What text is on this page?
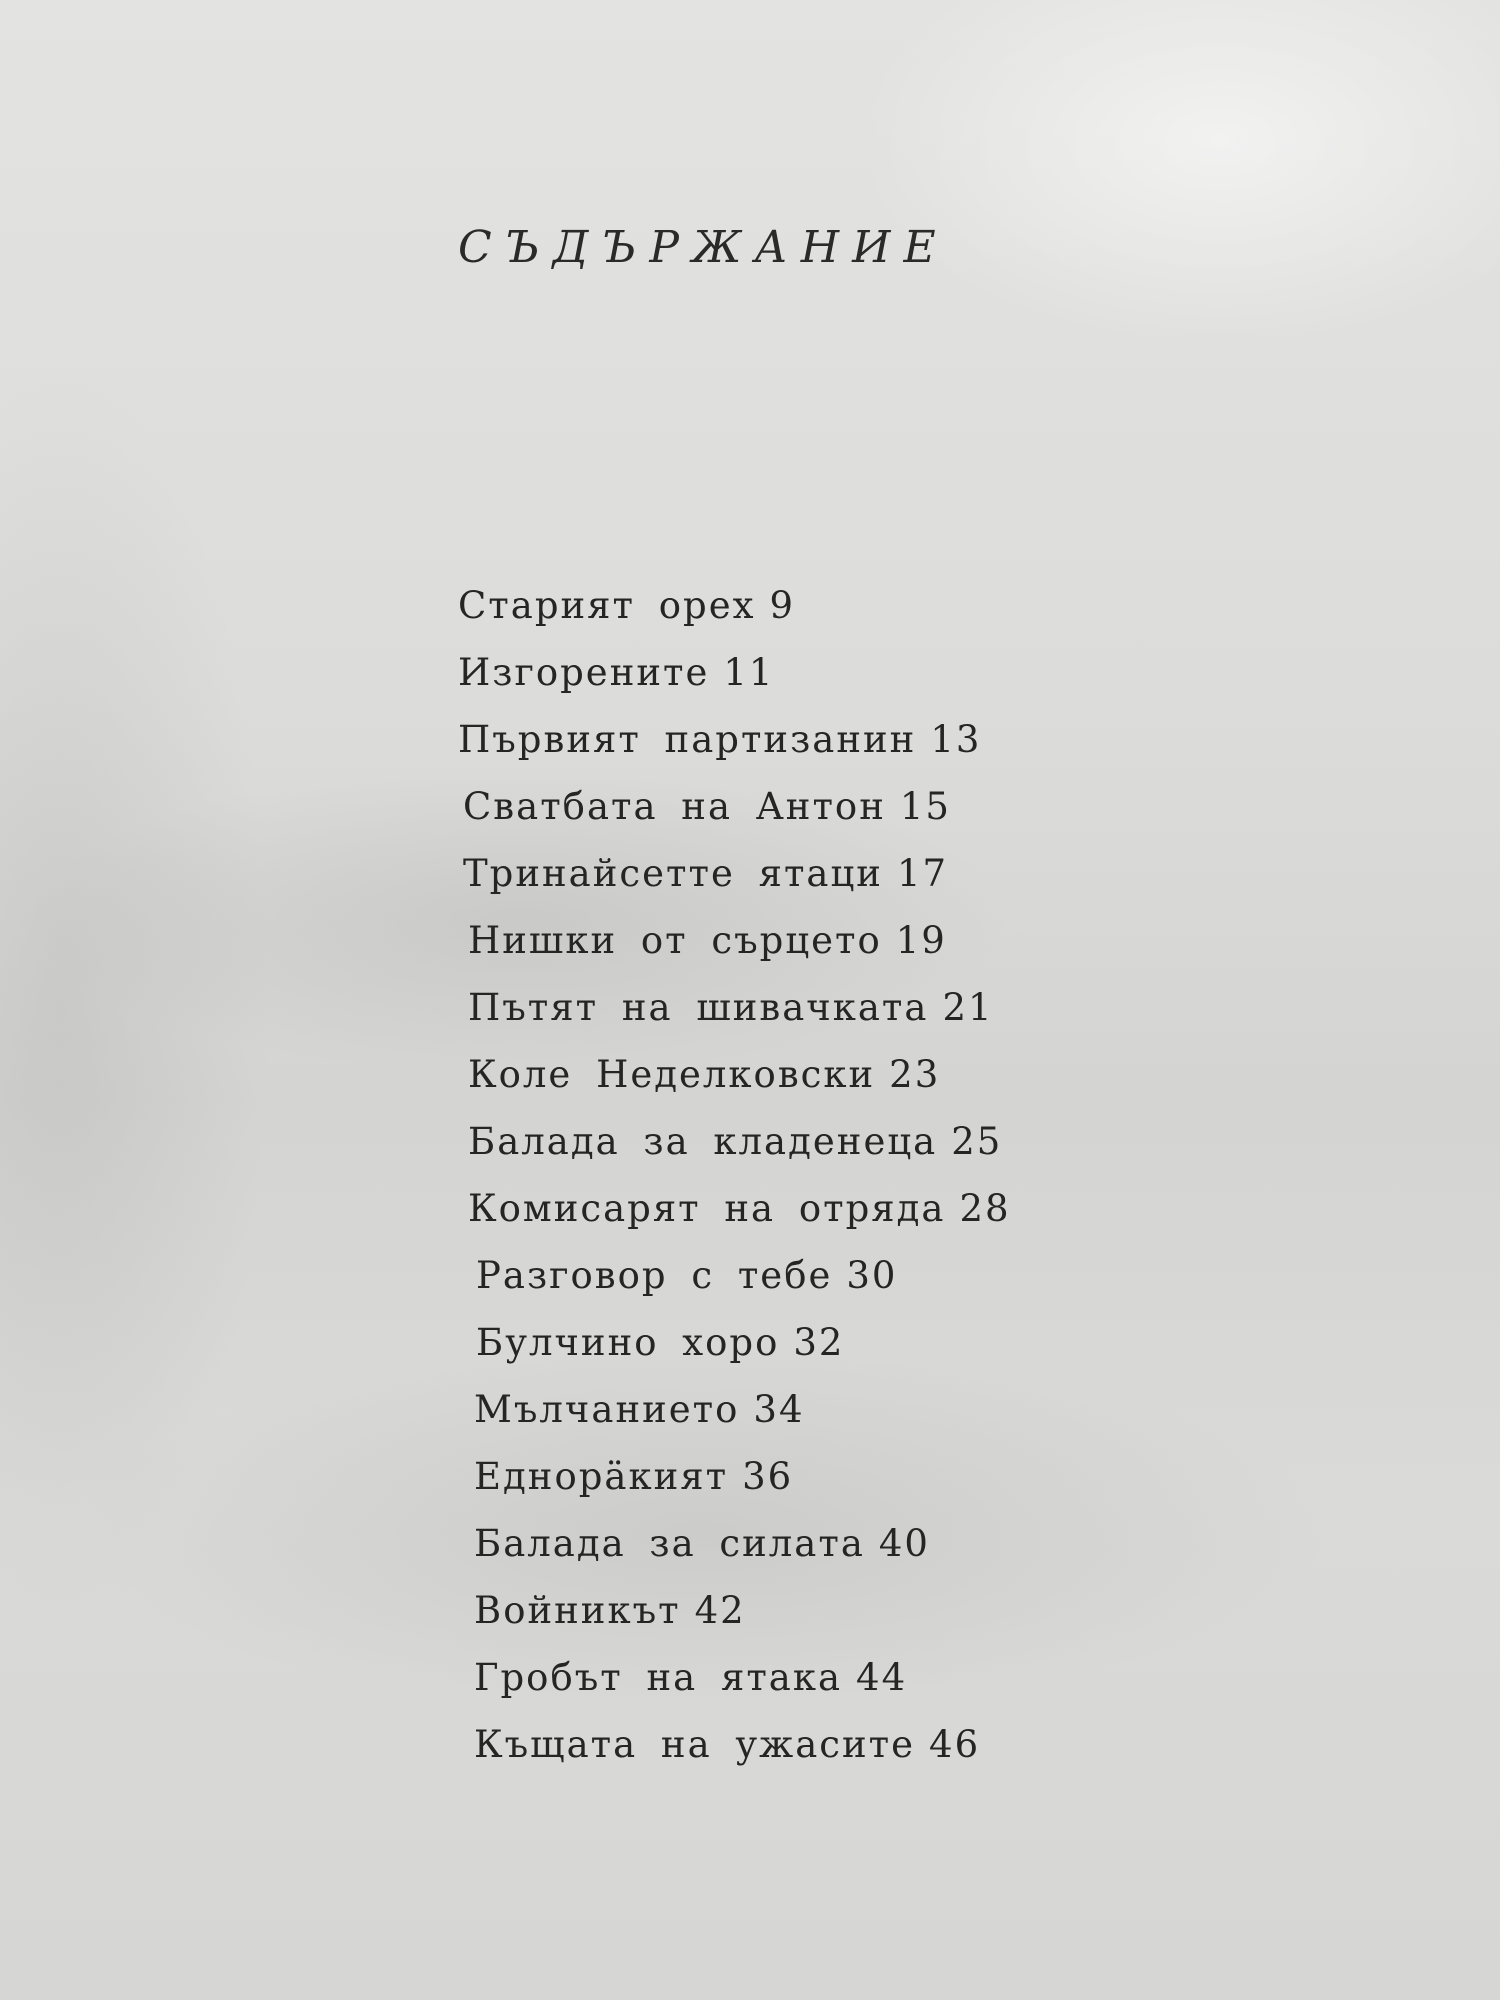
СЪДЪРЖАНИЕ
Старият орех 9
Изгорените 11
Първият партизанин 13
Сватбата на Антон 15
Тринайсетте ятаци 17
Нишки от сърцето 19
Пътят на шивачката 21
Коле Неделковски 23
Балада за кладенеца 25
Комисарят на отряда 28
Разговор с тебе 30
Булчино хоро 32
Мълчанието 34
Еднорäкият 36
Балада за силата 40
Войникът 42
Гробът на ятака 44
Къщата на ужасите 46
